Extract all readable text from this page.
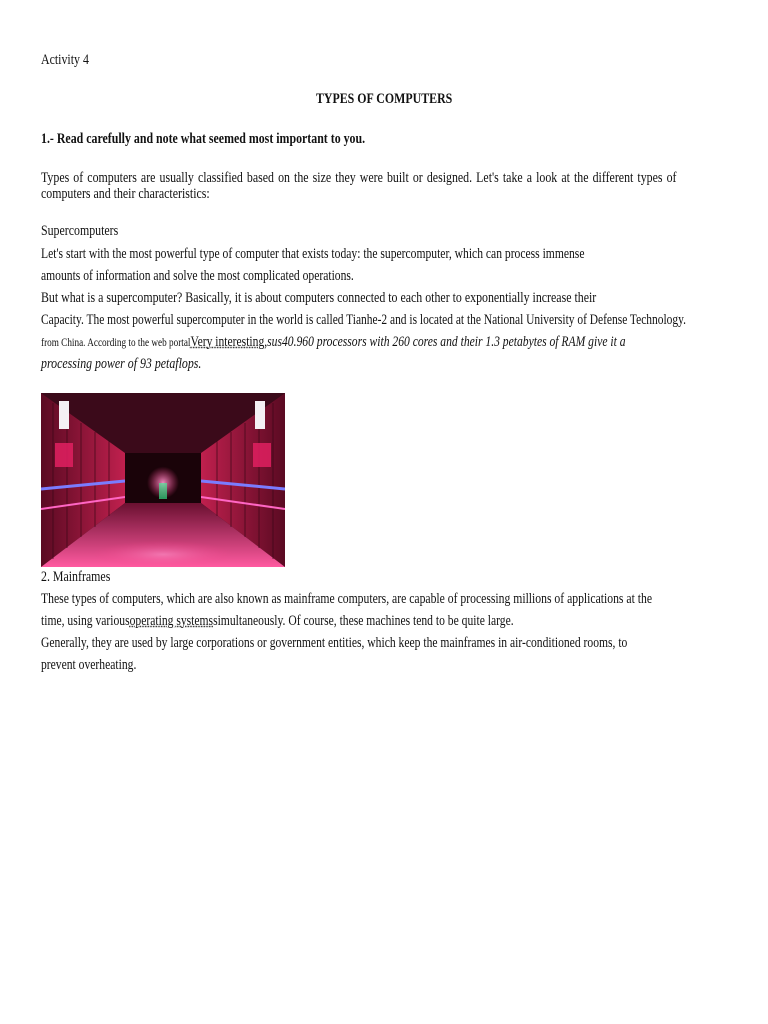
Activity 4
TYPES OF COMPUTERS
1.- Read carefully and note what seemed most important to you.
Types of computers are usually classified based on the size they were built or designed. Let's take a look at the different types of computers and their characteristics:
Supercomputers
Let's start with the most powerful type of computer that exists today: the supercomputer, which can process immense
amounts of information and solve the most complicated operations.
But what is a supercomputer? Basically, it is about computers connected to each other to exponentially increase their
Capacity. The most powerful supercomputer in the world is called Tianhe-2 and is located at the National University of Defense Technology.
from China. According to the web portalVery interesting,sus40.960 processors with 260 cores and their 1.3 petabytes of RAM give it a
processing power of 93 petaflops.
2. Mainframes
These types of computers, which are also known as mainframe computers, are capable of processing millions of applications at the
time, using variousoperating systemssimultaneously. Of course, these machines tend to be quite large.
Generally, they are used by large corporations or government entities, which keep the mainframes in air-conditioned rooms, to
prevent overheating.
